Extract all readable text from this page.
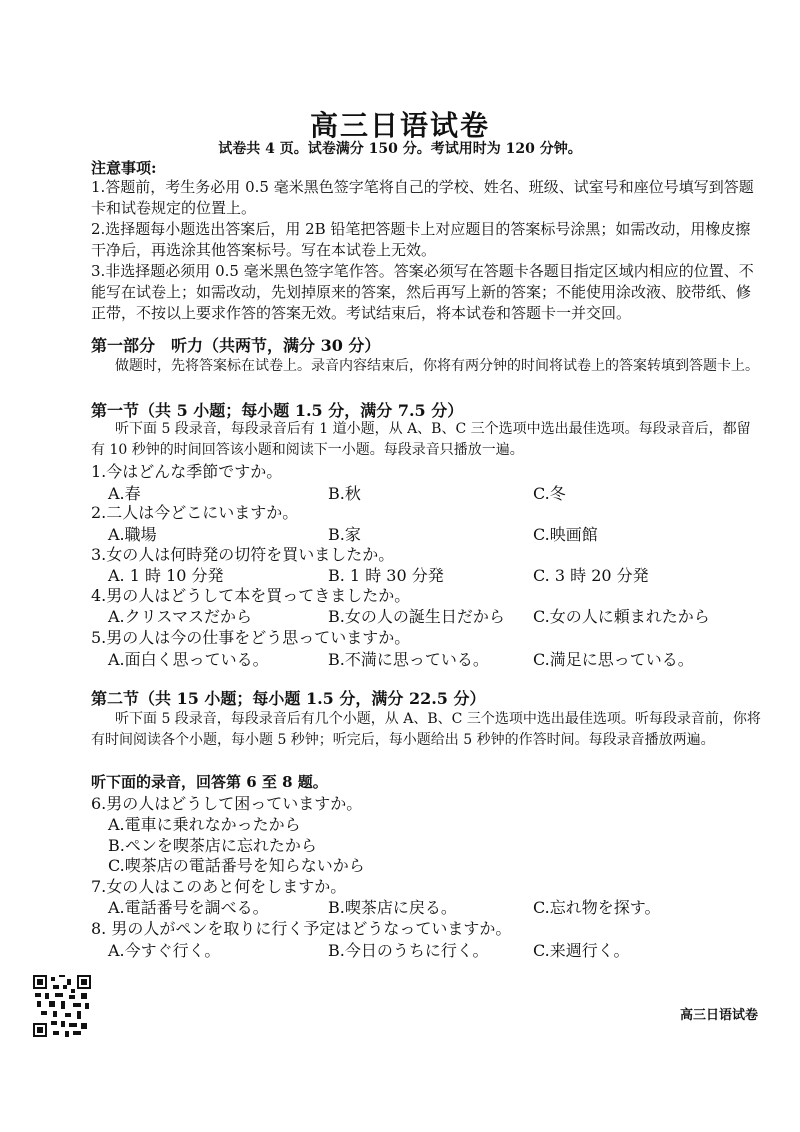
高三日语试卷
试卷共 4 页。试卷满分 150 分。考试用时为 120 分钟。
注意事项:
1.答题前，考生务必用 0.5 毫米黑色签字笔将自己的学校、姓名、班级、试室号和座位号填写到答题卡和试卷规定的位置上。
2.选择题每小题选出答案后，用 2B 铅笔把答题卡上对应题目的答案标号涂黑；如需改动，用橡皮擦干净后，再选涂其他答案标号。写在本试卷上无效。
3.非选择题必须用 0.5 毫米黑色签字笔作答。答案必须写在答题卡各题目指定区域内相应的位置、不能写在试卷上；如需改动，先划掉原来的答案，然后再写上新的答案；不能使用涂改液、胶带纸、修正带，不按以上要求作答的答案无效。考试结束后，将本试卷和答题卡一并交回。
第一部分　听力（共两节，满分 30 分）
做题时，先将答案标在试卷上。录音内容结束后，你将有两分钟的时间将试卷上的答案转填到答题卡上。
第一节（共 5 小题；每小题 1.5 分，满分 7.5 分）
听下面 5 段录音，每段录音后有 1 道小题，从 A、B、C 三个选项中选出最佳选项。每段录音后，都留有 10 秒钟的时间回答该小题和阅读下一小题。每段录音只播放一遍。
1.今はどんな季節ですか。
A.春	B.秋	C.冬
2.二人は今どこにいますか。
A.職場	B.家	C.映画館
3.女の人は何時発の切符を買いましたか。
A. 1 時 10 分発	B. 1 時 30 分発	C. 3 時 20 分発
4.男の人はどうして本を買ってきましたか。
A.クリスマスだから	B.女の人の誕生日だから C.女の人に頼まれたから
5.男の人は今の仕事をどう思っていますか。
A.面白く思っている。	B.不満に思っている。	C.満足に思っている。
第二节（共 15 小题；每小题 1.5 分，满分 22.5 分）
听下面 5 段录音，每段录音后有几个小题，从 A、B、C 三个选项中选出最佳选项。听每段录音前，你将有时间阅读各个小题，每小题 5 秒钟；听完后，每小题给出 5 秒钟的作答时间。每段录音播放两遍。
听下面的录音，回答第 6 至 8 题。
6.男の人はどうして困っていますか。
A.電車に乗れなかったから
B.ペンを喫茶店に忘れたから
C.喫茶店の電話番号を知らないから
7.女の人はこのあと何をしますか。
A.電話番号を調べる。	B.喫茶店に戻る。	C.忘れ物を探す。
8. 男の人がペンを取りに行く予定はどうなっていますか。
A.今すぐ行く。	B.今日のうちに行く。	C.来週行く。
高三日语试卷
